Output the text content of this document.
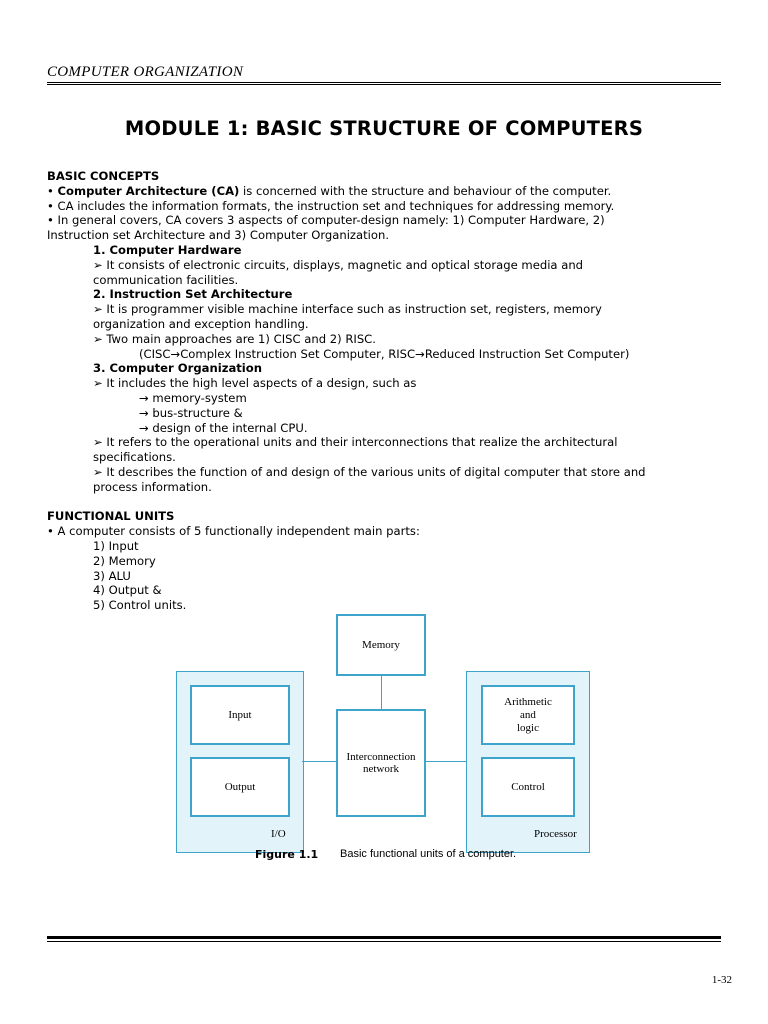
COMPUTER ORGANIZATION
MODULE 1: BASIC STRUCTURE OF COMPUTERS
BASIC CONCEPTS
• Computer Architecture (CA) is concerned with the structure and behaviour of the computer.
• CA includes the information formats, the instruction set and techniques for addressing memory.
• In general covers, CA covers 3 aspects of computer-design namely: 1) Computer Hardware, 2)
Instruction set Architecture and 3) Computer Organization.
1. Computer Hardware
➢ It consists of electronic circuits, displays, magnetic and optical storage media and
communication facilities.
2. Instruction Set Architecture
➢ It is programmer visible machine interface such as instruction set, registers, memory
organization and exception handling.
➢ Two main approaches are 1) CISC and 2) RISC.
(CISC→Complex Instruction Set Computer, RISC→Reduced Instruction Set Computer)
3. Computer Organization
➢ It includes the high level aspects of a design, such as
→ memory-system
→ bus-structure &
→ design of the internal CPU.
➢ It refers to the operational units and their interconnections that realize the architectural
specifications.
➢ It describes the function of and design of the various units of digital computer that store and
process information.
FUNCTIONAL UNITS
• A computer consists of 5 functionally independent main parts:
1) Input
2) Memory
3) ALU
4) Output &
5) Control units.
Memory
Input
Output
Interconnection
network
Arithmetic
and
logic
Control
I/O	Processor
Figure 1.1 Basic functional units of a computer.
1-32
